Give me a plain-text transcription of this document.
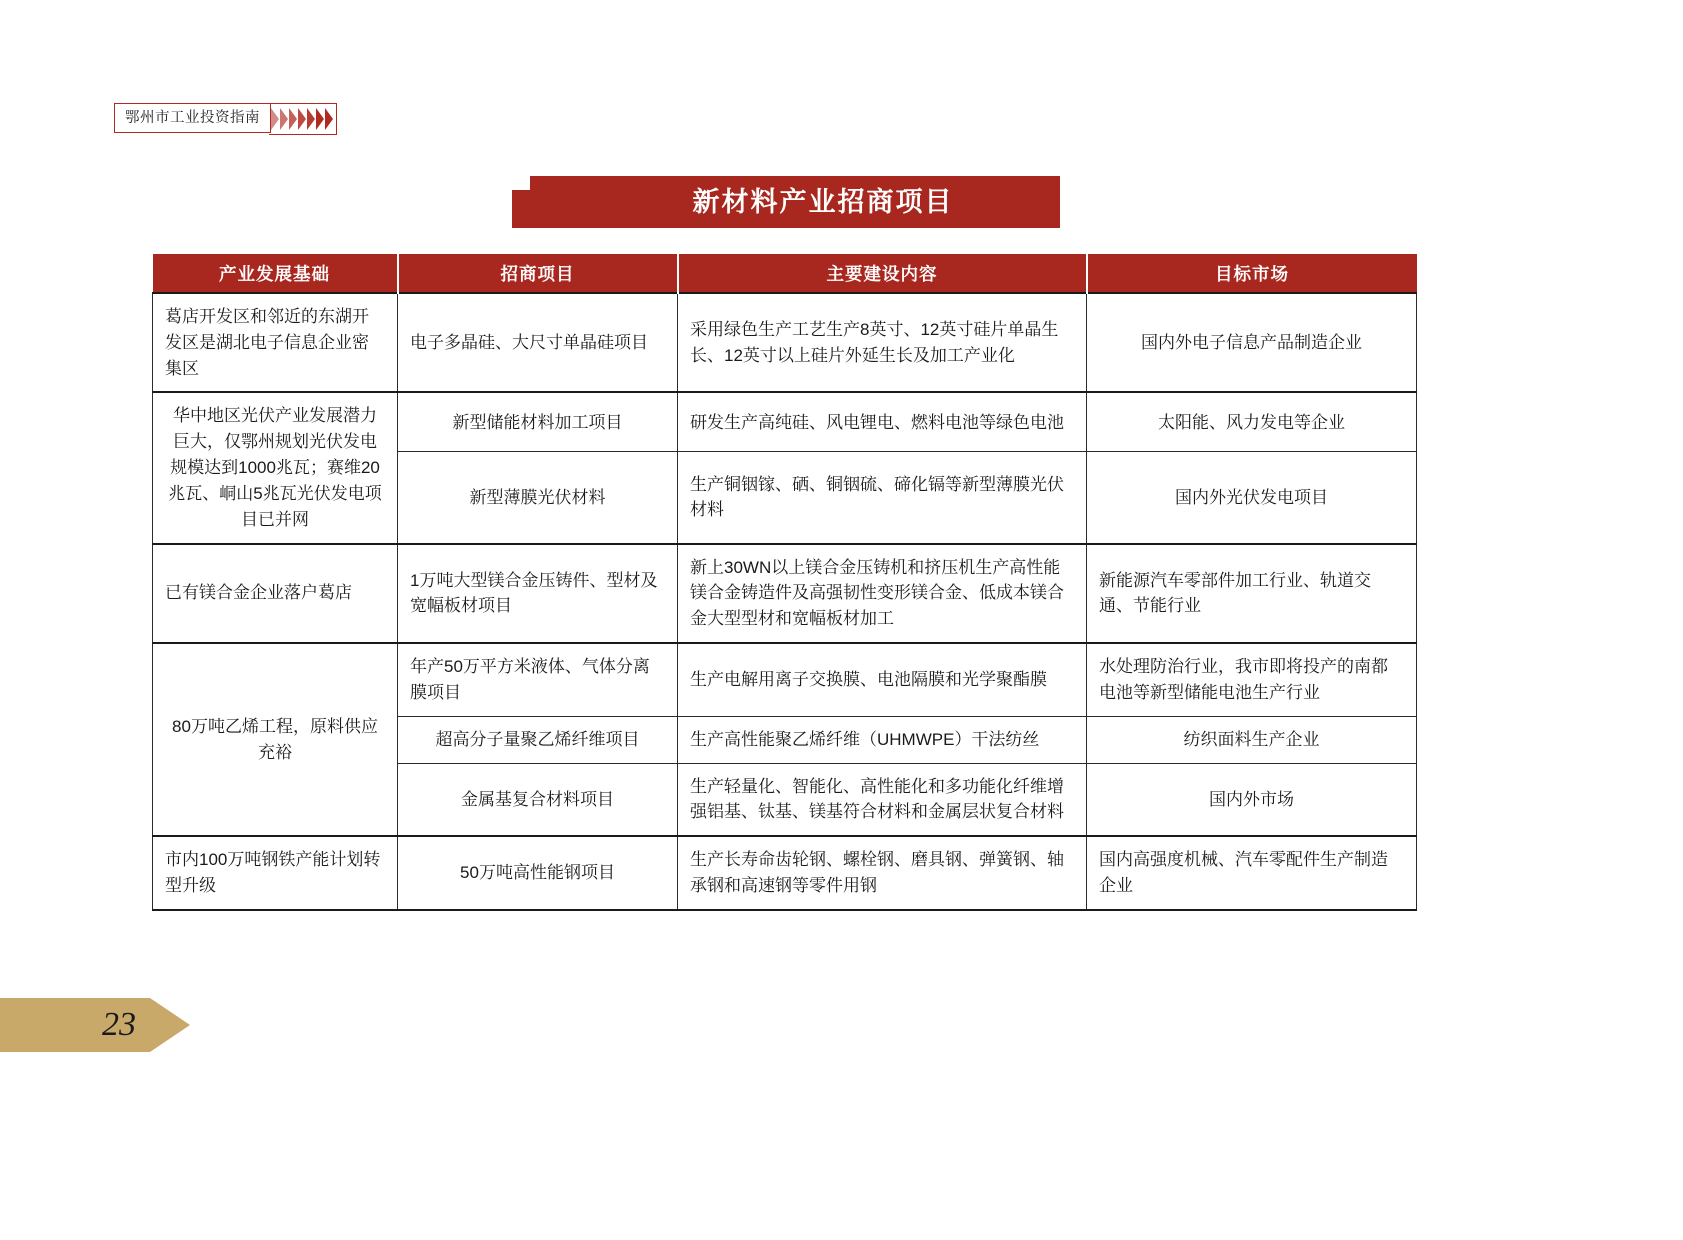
鄂州市工业投资指南
新材料产业招商项目
产业发展基础	招商项目	主要建设内容	目标市场
葛店开发区和邻近的东湖开发区是湖北电子信息企业密集区	电子多晶硅、大尺寸单晶硅项目	采用绿色生产工艺生产8英寸、12英寸硅片单晶生长、12英寸以上硅片外延生长及加工产业化	国内外电子信息产品制造企业
华中地区光伏产业发展潜力巨大，仅鄂州规划光伏发电规模达到1000兆瓦；赛维20兆瓦、峒山5兆瓦光伏发电项目已并网	新型储能材料加工项目	研发生产高纯硅、风电锂电、燃料电池等绿色电池	太阳能、风力发电等企业
	新型薄膜光伏材料	生产铜铟镓、硒、铜铟硫、碲化镉等新型薄膜光伏材料	国内外光伏发电项目
已有镁合金企业落户葛店	1万吨大型镁合金压铸件、型材及宽幅板材项目	新上30WN以上镁合金压铸机和挤压机生产高性能镁合金铸造件及高强韧性变形镁合金、低成本镁合金大型型材和宽幅板材加工	新能源汽车零部件加工行业、轨道交通、节能行业
80万吨乙烯工程，原料供应充裕	年产50万平方米液体、气体分离膜项目	生产电解用离子交换膜、电池隔膜和光学聚酯膜	水处理防治行业，我市即将投产的南都电池等新型储能电池生产行业
	超高分子量聚乙烯纤维项目	生产高性能聚乙烯纤维（UHMWPE）干法纺丝	纺织面料生产企业
	金属基复合材料项目	生产轻量化、智能化、高性能化和多功能化纤维增强铝基、钛基、镁基符合材料和金属层状复合材料	国内外市场
市内100万吨钢铁产能计划转型升级	50万吨高性能钢项目	生产长寿命齿轮钢、螺栓钢、磨具钢、弹簧钢、轴承钢和高速钢等零件用钢	国内高强度机械、汽车零配件生产制造企业
23
